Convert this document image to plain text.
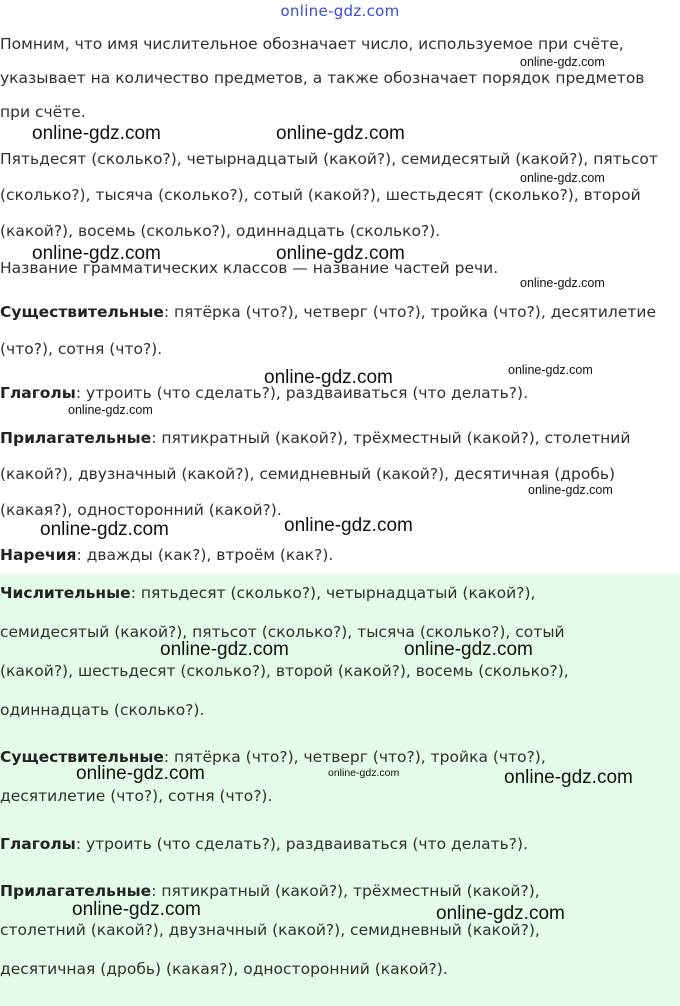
online-gdz.com
Помним, что имя числительное обозначает число, используемое при счёте,
указывает на количество предметов, а также обозначает порядок предметов
при счёте.
Пятьдесят (сколько?), четырнадцатый (какой?), семидесятый (какой?), пятьсот
(сколько?), тысяча (сколько?), сотый (какой?), шестьдесят (сколько?), второй
(какой?), восемь (сколько?), одиннадцать (сколько?).
Название грамматических классов — название частей речи.
Существительные: пятёрка (что?), четверг (что?), тройка (что?), десятилетие
(что?), сотня (что?).
Глаголы: утроить (что сделать?), раздваиваться (что делать?).
Прилагательные: пятикратный (какой?), трёхместный (какой?), столетний
(какой?), двузначный (какой?), семидневный (какой?), десятичная (дробь)
(какая?), односторонний (какой?).
Наречия: дважды (как?), втроём (как?).
Числительные: пятьдесят (сколько?), четырнадцатый (какой?),
семидесятый (какой?), пятьсот (сколько?), тысяча (сколько?), сотый
(какой?), шестьдесят (сколько?), второй (какой?), восемь (сколько?),
одиннадцать (сколько?).
Существительные: пятёрка (что?), четверг (что?), тройка (что?),
десятилетие (что?), сотня (что?).
Глаголы: утроить (что сделать?), раздваиваться (что делать?).
Прилагательные: пятикратный (какой?), трёхместный (какой?),
столетний (какой?), двузначный (какой?), семидневный (какой?),
десятичная (дробь) (какая?), односторонний (какой?).
online-gdz.com
online-gdz.com	online-gdz.com
online-gdz.com
online-gdz.com	online-gdz.com
online-gdz.com
online-gdz.com	online-gdz.com
online-gdz.com
online-gdz.com
online-gdz.com	online-gdz.com
online-gdz.com	online-gdz.com
online-gdz.com	online-gdz.com	online-gdz.com
online-gdz.com	online-gdz.com
